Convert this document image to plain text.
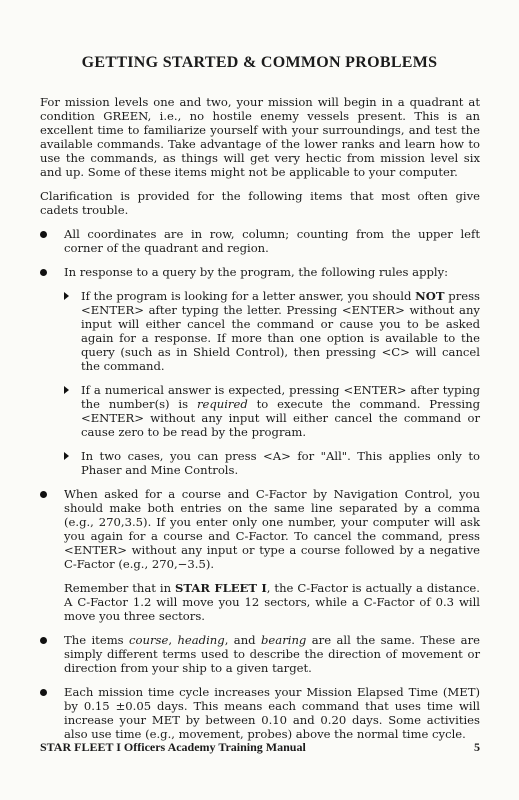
GETTING STARTED & COMMON PROBLEMS

For mission levels one and two, your mission will begin in a quadrant at condition GREEN, i.e., no hostile enemy vessels present. This is an excellent time to familiarize yourself with your surroundings, and test the available commands. Take advantage of the lower ranks and learn how to use the commands, as things will get very hectic from mission level six and up. Some of these items might not be applicable to your computer.

Clarification is provided for the following items that most often give cadets trouble.

All coordinates are in row, column; counting from the upper left corner of the quadrant and region.
In response to a query by the program, the following rules apply:
If the program is looking for a letter answer, you should NOT press <ENTER> after typing the letter. Pressing <ENTER> without any input will either cancel the command or cause you to be asked again for a response. If more than one option is available to the query (such as in Shield Control), then pressing <C> will cancel the command.
If a numerical answer is expected, pressing <ENTER> after typing the number(s) is required to execute the command. Pressing <ENTER> without any input will either cancel the command or cause zero to be read by the program.
In two cases, you can press <A> for "All". This applies only to Phaser and Mine Controls.
When asked for a course and C-Factor by Navigation Control, you should make both entries on the same line separated by a comma (e.g., 270,3.5). If you enter only one number, your computer will ask you again for a course and C-Factor. To cancel the command, press <ENTER> without any input or type a course followed by a negative C-Factor (e.g., 270,−3.5).

Remember that in STAR FLEET I, the C-Factor is actually a distance. A C-Factor 1.2 will move you 12 sectors, while a C-Factor of 0.3 will move you three sectors.

The items course, heading, and bearing are all the same. These are simply different terms used to describe the direction of movement or direction from your ship to a given target.
Each mission time cycle increases your Mission Elapsed Time (MET) by 0.15 ±0.05 days. This means each command that uses time will increase your MET by between 0.10 and 0.20 days. Some activities also use time (e.g., movement, probes) above the normal time cycle.
STAR FLEET I Officers Academy Training Manual	5
